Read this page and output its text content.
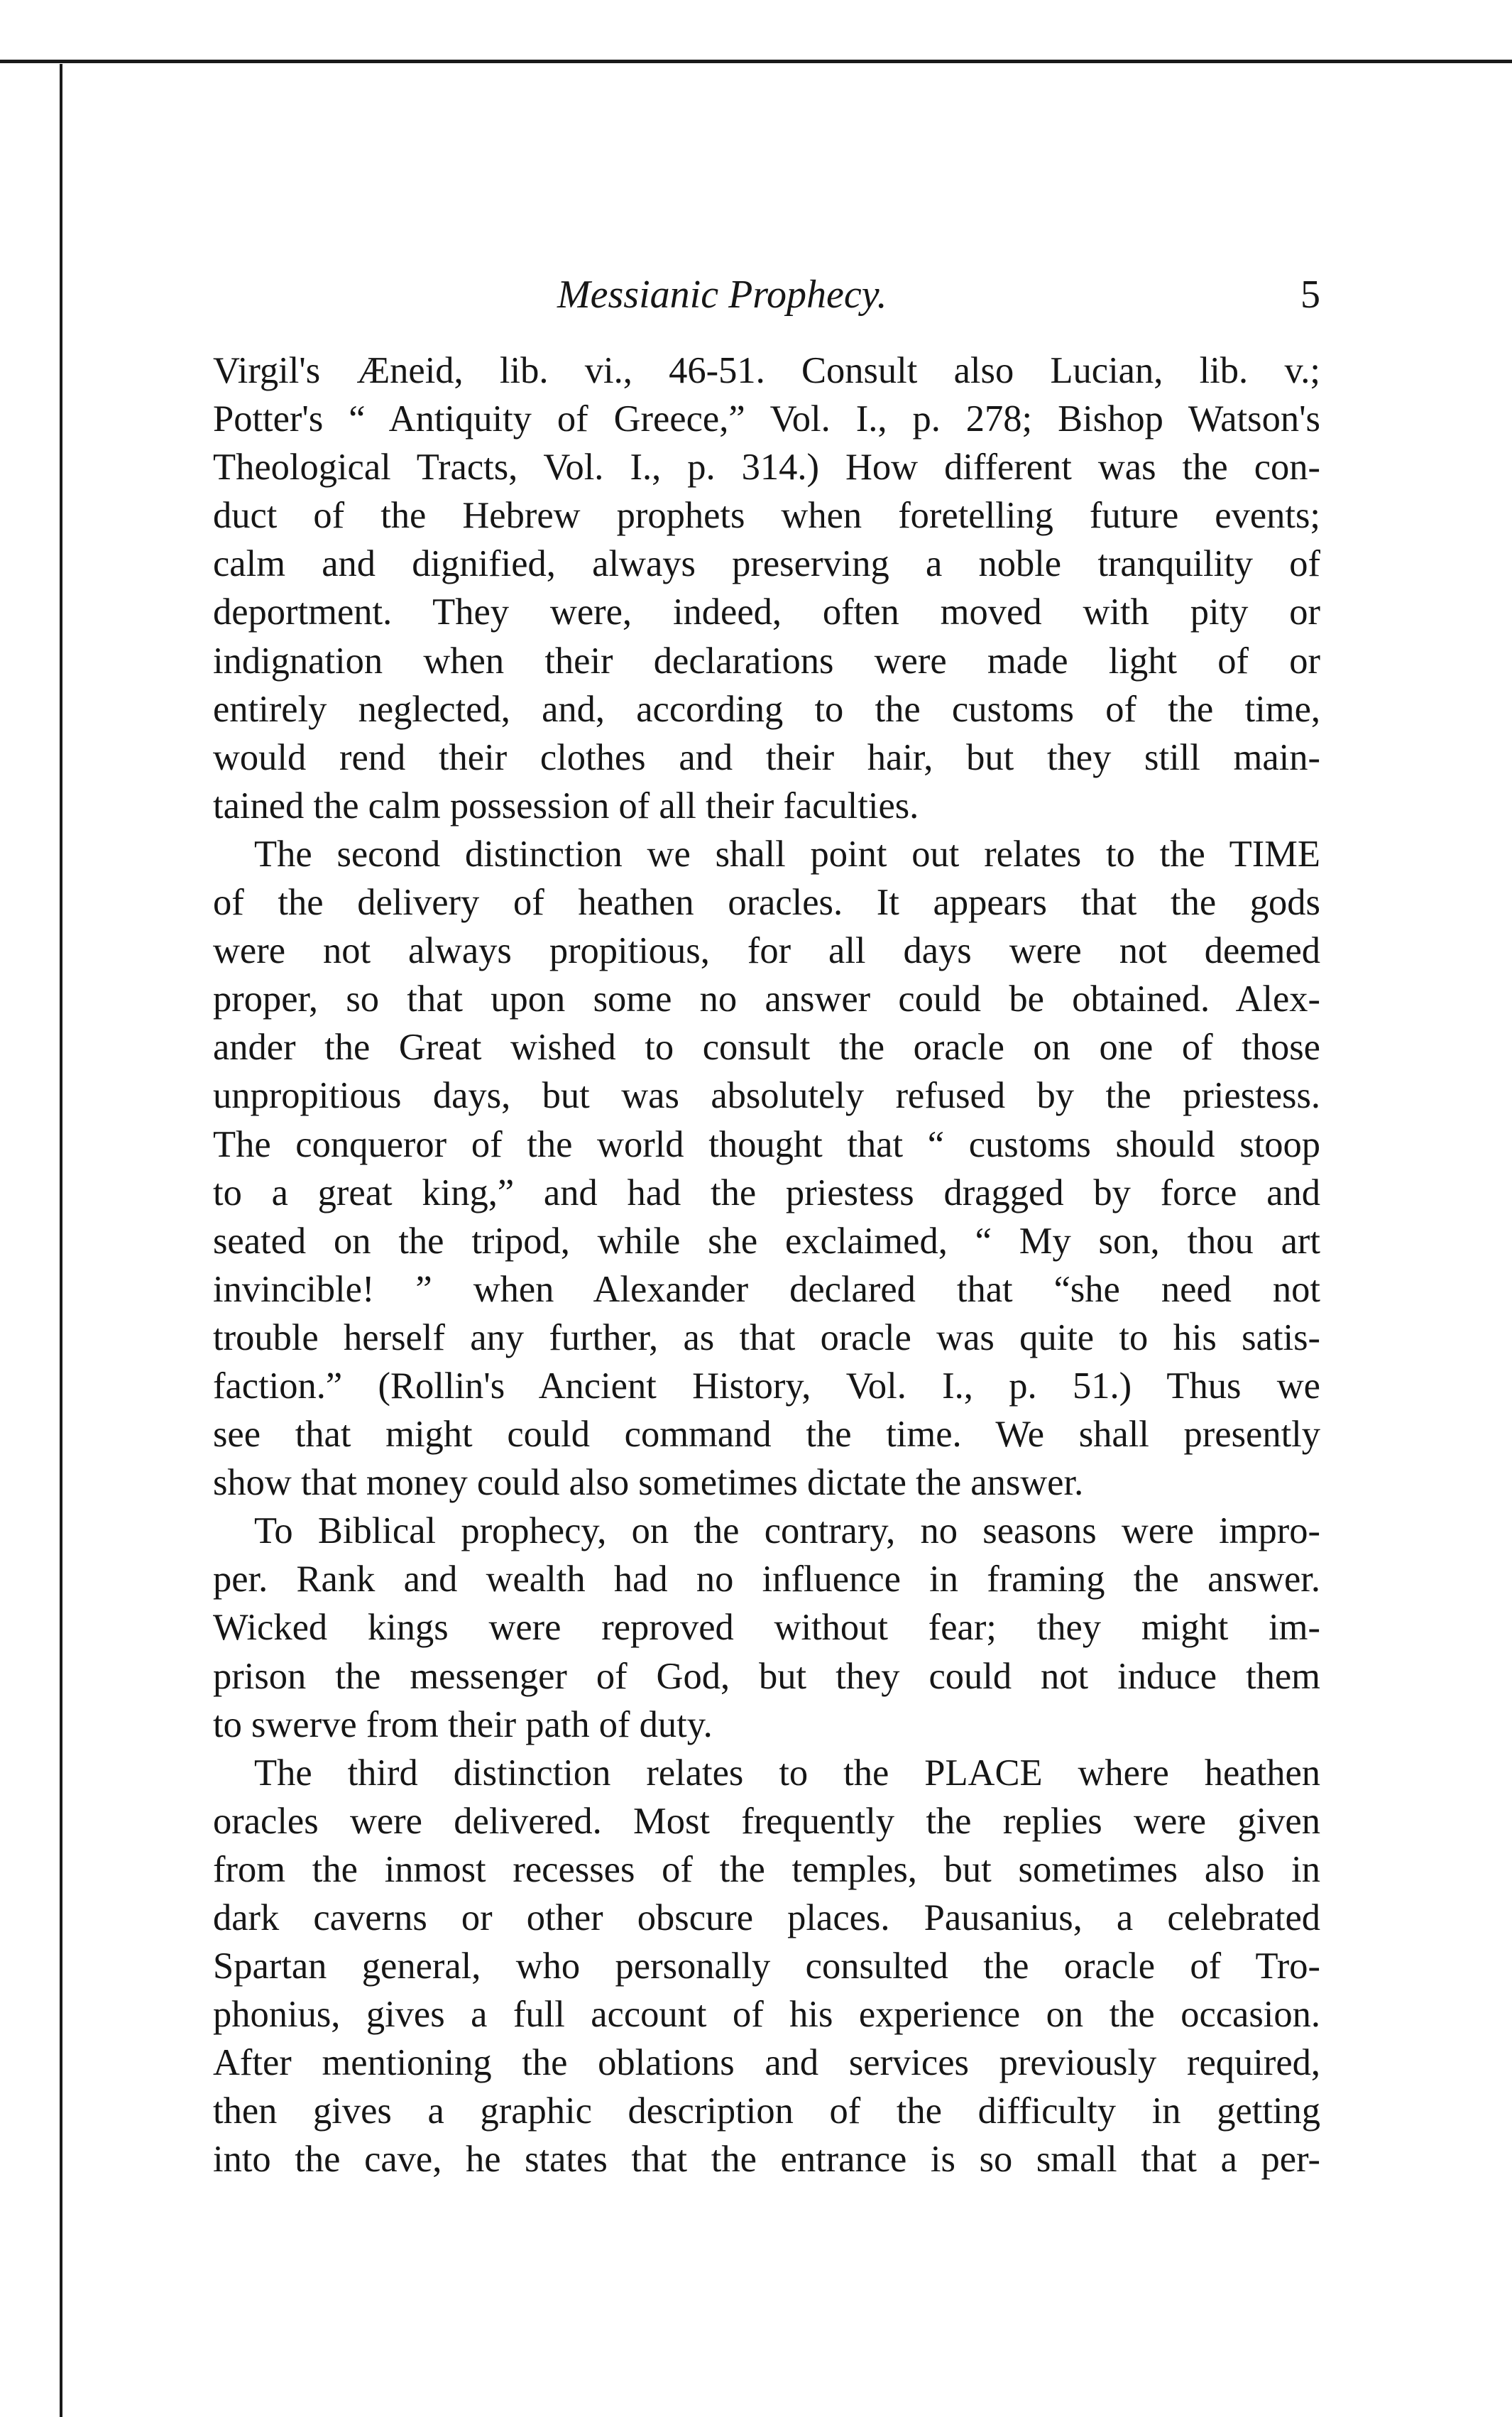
Messianic Prophecy.	5

Virgil's Æneid, lib. vi., 46-51. Consult also Lucian, lib. v.;
Potter's “ Antiquity of Greece,” Vol. I., p. 278; Bishop Watson's
Theological Tracts, Vol. I., p. 314.) How different was the con-
duct of the Hebrew prophets when foretelling future events;
calm and dignified, always preserving a noble tranquility of
deportment. They were, indeed, often moved with pity or
indignation when their declarations were made light of or
entirely neglected, and, according to the customs of the time,
would rend their clothes and their hair, but they still main-
tained the calm possession of all their faculties.

The second distinction we shall point out relates to the TIME
of the delivery of heathen oracles. It appears that the gods
were not always propitious, for all days were not deemed
proper, so that upon some no answer could be obtained. Alex-
ander the Great wished to consult the oracle on one of those
unpropitious days, but was absolutely refused by the priestess.
The conqueror of the world thought that “ customs should stoop
to a great king,” and had the priestess dragged by force and
seated on the tripod, while she exclaimed, “ My son, thou art
invincible! ” when Alexander declared that “she need not
trouble herself any further, as that oracle was quite to his satis-
faction.” (Rollin's Ancient History, Vol. I., p. 51.) Thus we
see that might could command the time. We shall presently
show that money could also sometimes dictate the answer.

To Biblical prophecy, on the contrary, no seasons were impro-
per. Rank and wealth had no influence in framing the answer.
Wicked kings were reproved without fear; they might im-
prison the messenger of God, but they could not induce them
to swerve from their path of duty.

The third distinction relates to the PLACE where heathen
oracles were delivered. Most frequently the replies were given
from the inmost recesses of the temples, but sometimes also in
dark caverns or other obscure places. Pausanius, a celebrated
Spartan general, who personally consulted the oracle of Tro-
phonius, gives a full account of his experience on the occasion.
After mentioning the oblations and services previously required,
then gives a graphic description of the difficulty in getting
into the cave, he states that the entrance is so small that a per-
